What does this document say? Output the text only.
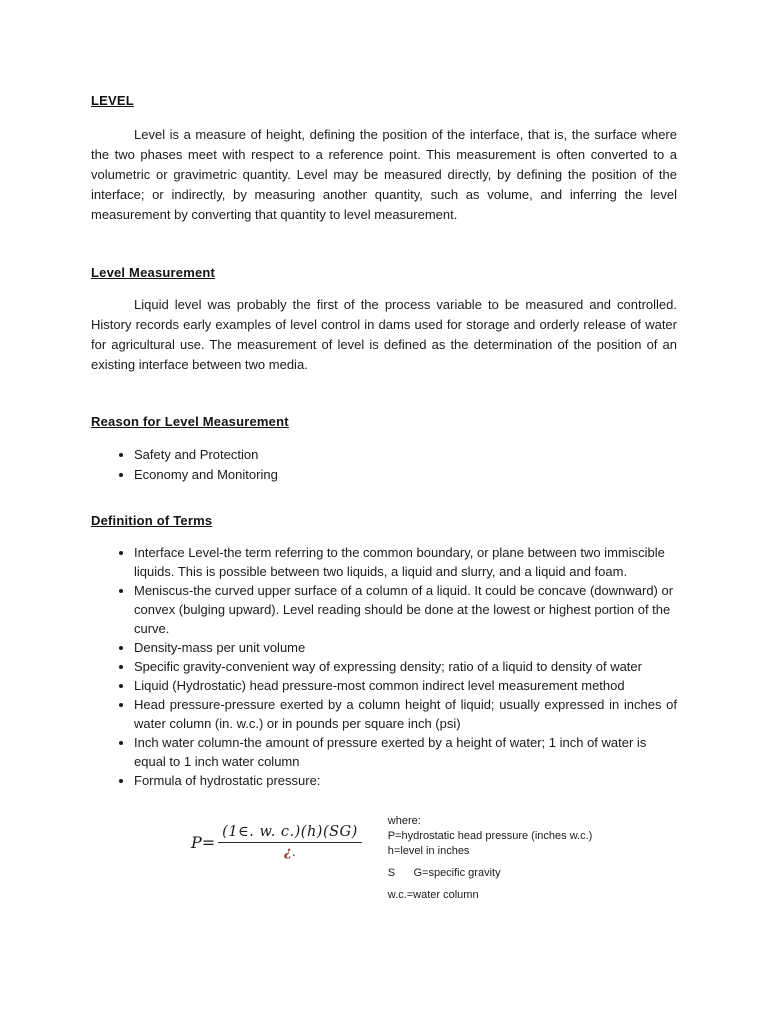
LEVEL

Level is a measure of height, defining the position of the interface, that is, the surface where the two phases meet with respect to a reference point. This measurement is often converted to a volumetric or gravimetric quantity. Level may be measured directly, by defining the position of the interface; or indirectly, by measuring another quantity, such as volume, and inferring the level measurement by converting that quantity to level measurement.

Level Measurement

Liquid level was probably the first of the process variable to be measured and controlled. History records early examples of level control in dams used for storage and orderly release of water for agricultural use. The measurement of level is defined as the determination of the position of an existing interface between two media.

Reason for Level Measurement
• Safety and Protection
• Economy and Monitoring
Definition of Terms
• Interface Level-the term referring to the common boundary, or plane between two immiscible liquids. This is possible between two liquids, a liquid and slurry, and a liquid and foam.
• Meniscus-the curved upper surface of a column of a liquid. It could be concave (downward) or convex (bulging upward). Level reading should be done at the lowest or highest portion of the curve.
• Density-mass per unit volume
• Specific gravity-convenient way of expressing density; ratio of a liquid to density of water
• Liquid (Hydrostatic) head pressure-most common indirect level measurement method
• Head pressure-pressure exerted by a column height of liquid; usually expressed in inches of water column (in. w.c.) or in pounds per square inch (psi)
• Inch water column-the amount of pressure exerted by a height of water; 1 inch of water is equal to 1 inch water column
• Formula of hydrostatic pressure:
$P= \frac{(1\in. w. c.)(h)(SG)}{¿.}$
where:
P=hydrostatic head pressure (inches w.c.)
h=level in inches
S      G=specific gravity
w.c.=water column
